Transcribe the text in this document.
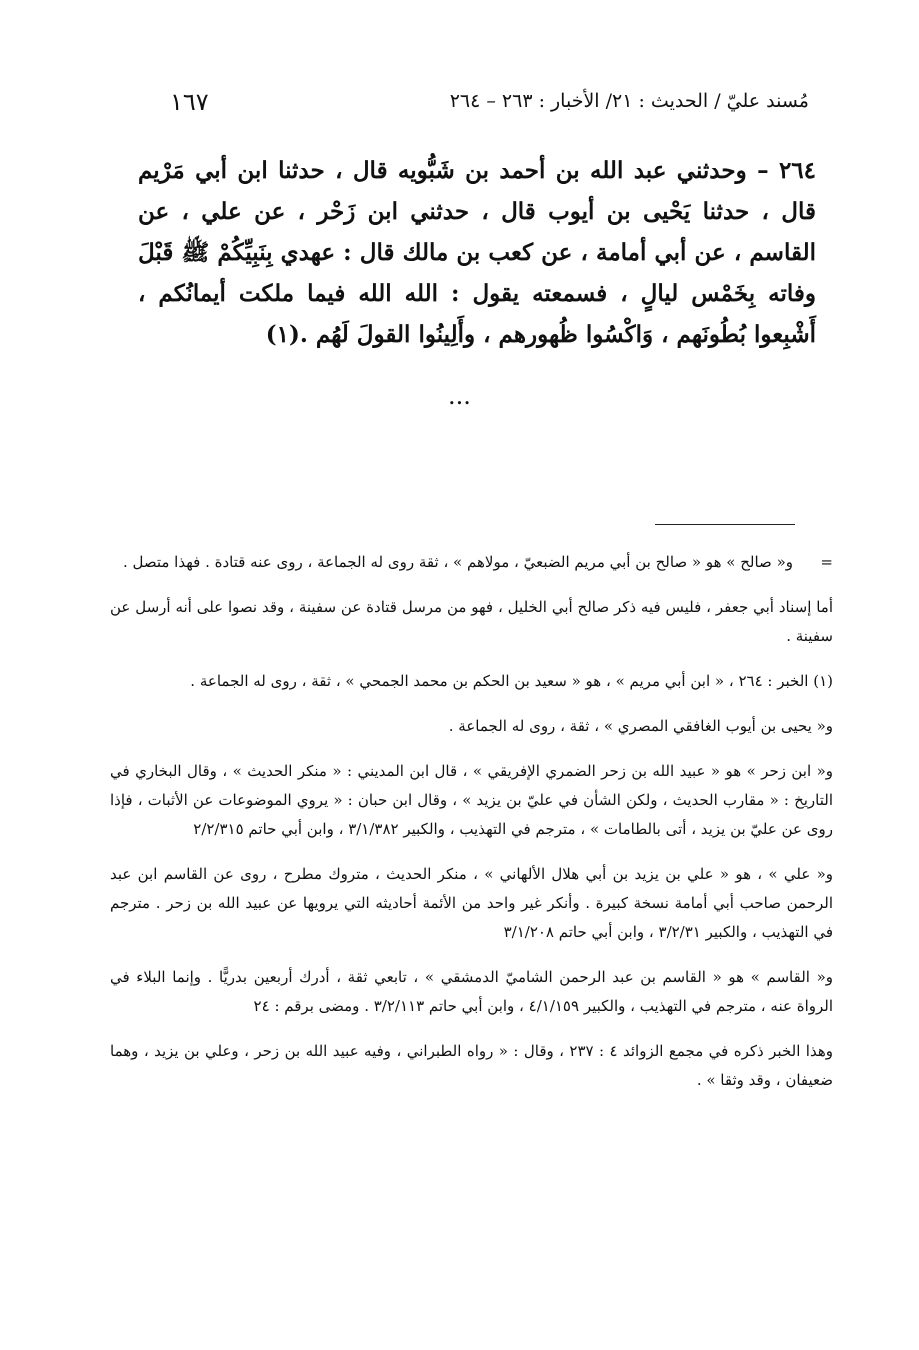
١٦٧	مُسند عليّ / الحديث : ٢١/ الأخبار : ٢٦٣ – ٢٦٤
٢٦٤ – وحدثني عبد الله بن أحمد بن شَبُّويه قال ، حدثنا ابن أبي مَرْيم قال ، حدثنا يَحْيى بن أيوب قال ، حدثني ابن زَحْر ، عن علي ، عن القاسم ، عن أبي أمامة ، عن كعب بن مالك قال : عهدي بِنَبِيِّكُمْ ﷺ قَبْلَ وفاته بِخَمْس ليالٍ ، فسمعته يقول : الله الله فيما ملكت أيمانُكم ، أَشْبِعوا بُطُونَهم ، وَاكْسُوا ظُهورهم ، وأَلِينُوا القولَ لَهُم .(١)
...

=
و« صالح » هو « صالح بن أبي مريم الضبعيّ ، مولاهم » ، ثقة روى له الجماعة ، روى عنه قتادة . فهذا متصل .

أما إسناد أبي جعفر ، فليس فيه ذكر صالح أبي الخليل ، فهو من مرسل قتادة عن سفينة ، وقد نصوا على أنه أرسل عن سفينة .

(١) الخبر : ٢٦٤ ، « ابن أبي مريم » ، هو « سعيد بن الحكم بن محمد الجمحي » ، ثقة ، روى له الجماعة .

و« يحيى بن أيوب الغافقي المصري » ، ثقة ، روى له الجماعة .

و« ابن زحر » هو « عبيد الله بن زحر الضمري الإفريقي » ، قال ابن المديني : « منكر الحديث » ، وقال البخاري في التاريخ : « مقارب الحديث ، ولكن الشأن في عليّ بن يزيد » ، وقال ابن حبان : « يروي الموضوعات عن الأثبات ، فإذا روى عن عليّ بن يزيد ، أتى بالطامات » ، مترجم في التهذيب ، والكبير ٣/١/٣٨٢ ، وابن أبي حاتم ٢/٢/٣١٥

و« علي » ، هو « علي بن يزيد بن أبي هلال الألهاني » ، منكر الحديث ، متروك مطرح ، روى عن القاسم ابن عبد الرحمن صاحب أبي أمامة نسخة كبيرة . وأنكر غير واحد من الأئمة أحاديثه التي يرويها عن عبيد الله بن زحر . مترجم في التهذيب ، والكبير ٣/٢/٣١ ، وابن أبي حاتم ٣/١/٢٠٨

و« القاسم » هو « القاسم بن عبد الرحمن الشاميّ الدمشقي » ، تابعي ثقة ، أدرك أربعين بدريًّا . وإنما البلاء في الرواة عنه ، مترجم في التهذيب ، والكبير ٤/١/١٥٩ ، وابن أبي حاتم ٣/٢/١١٣ . ومضى برقم : ٢٤

وهذا الخبر ذكره في مجمع الزوائد ٤ : ٢٣٧ ، وقال : « رواه الطبراني ، وفيه عبيد الله بن زحر ، وعلي بن يزيد ، وهما ضعيفان ، وقد وثقا » .
